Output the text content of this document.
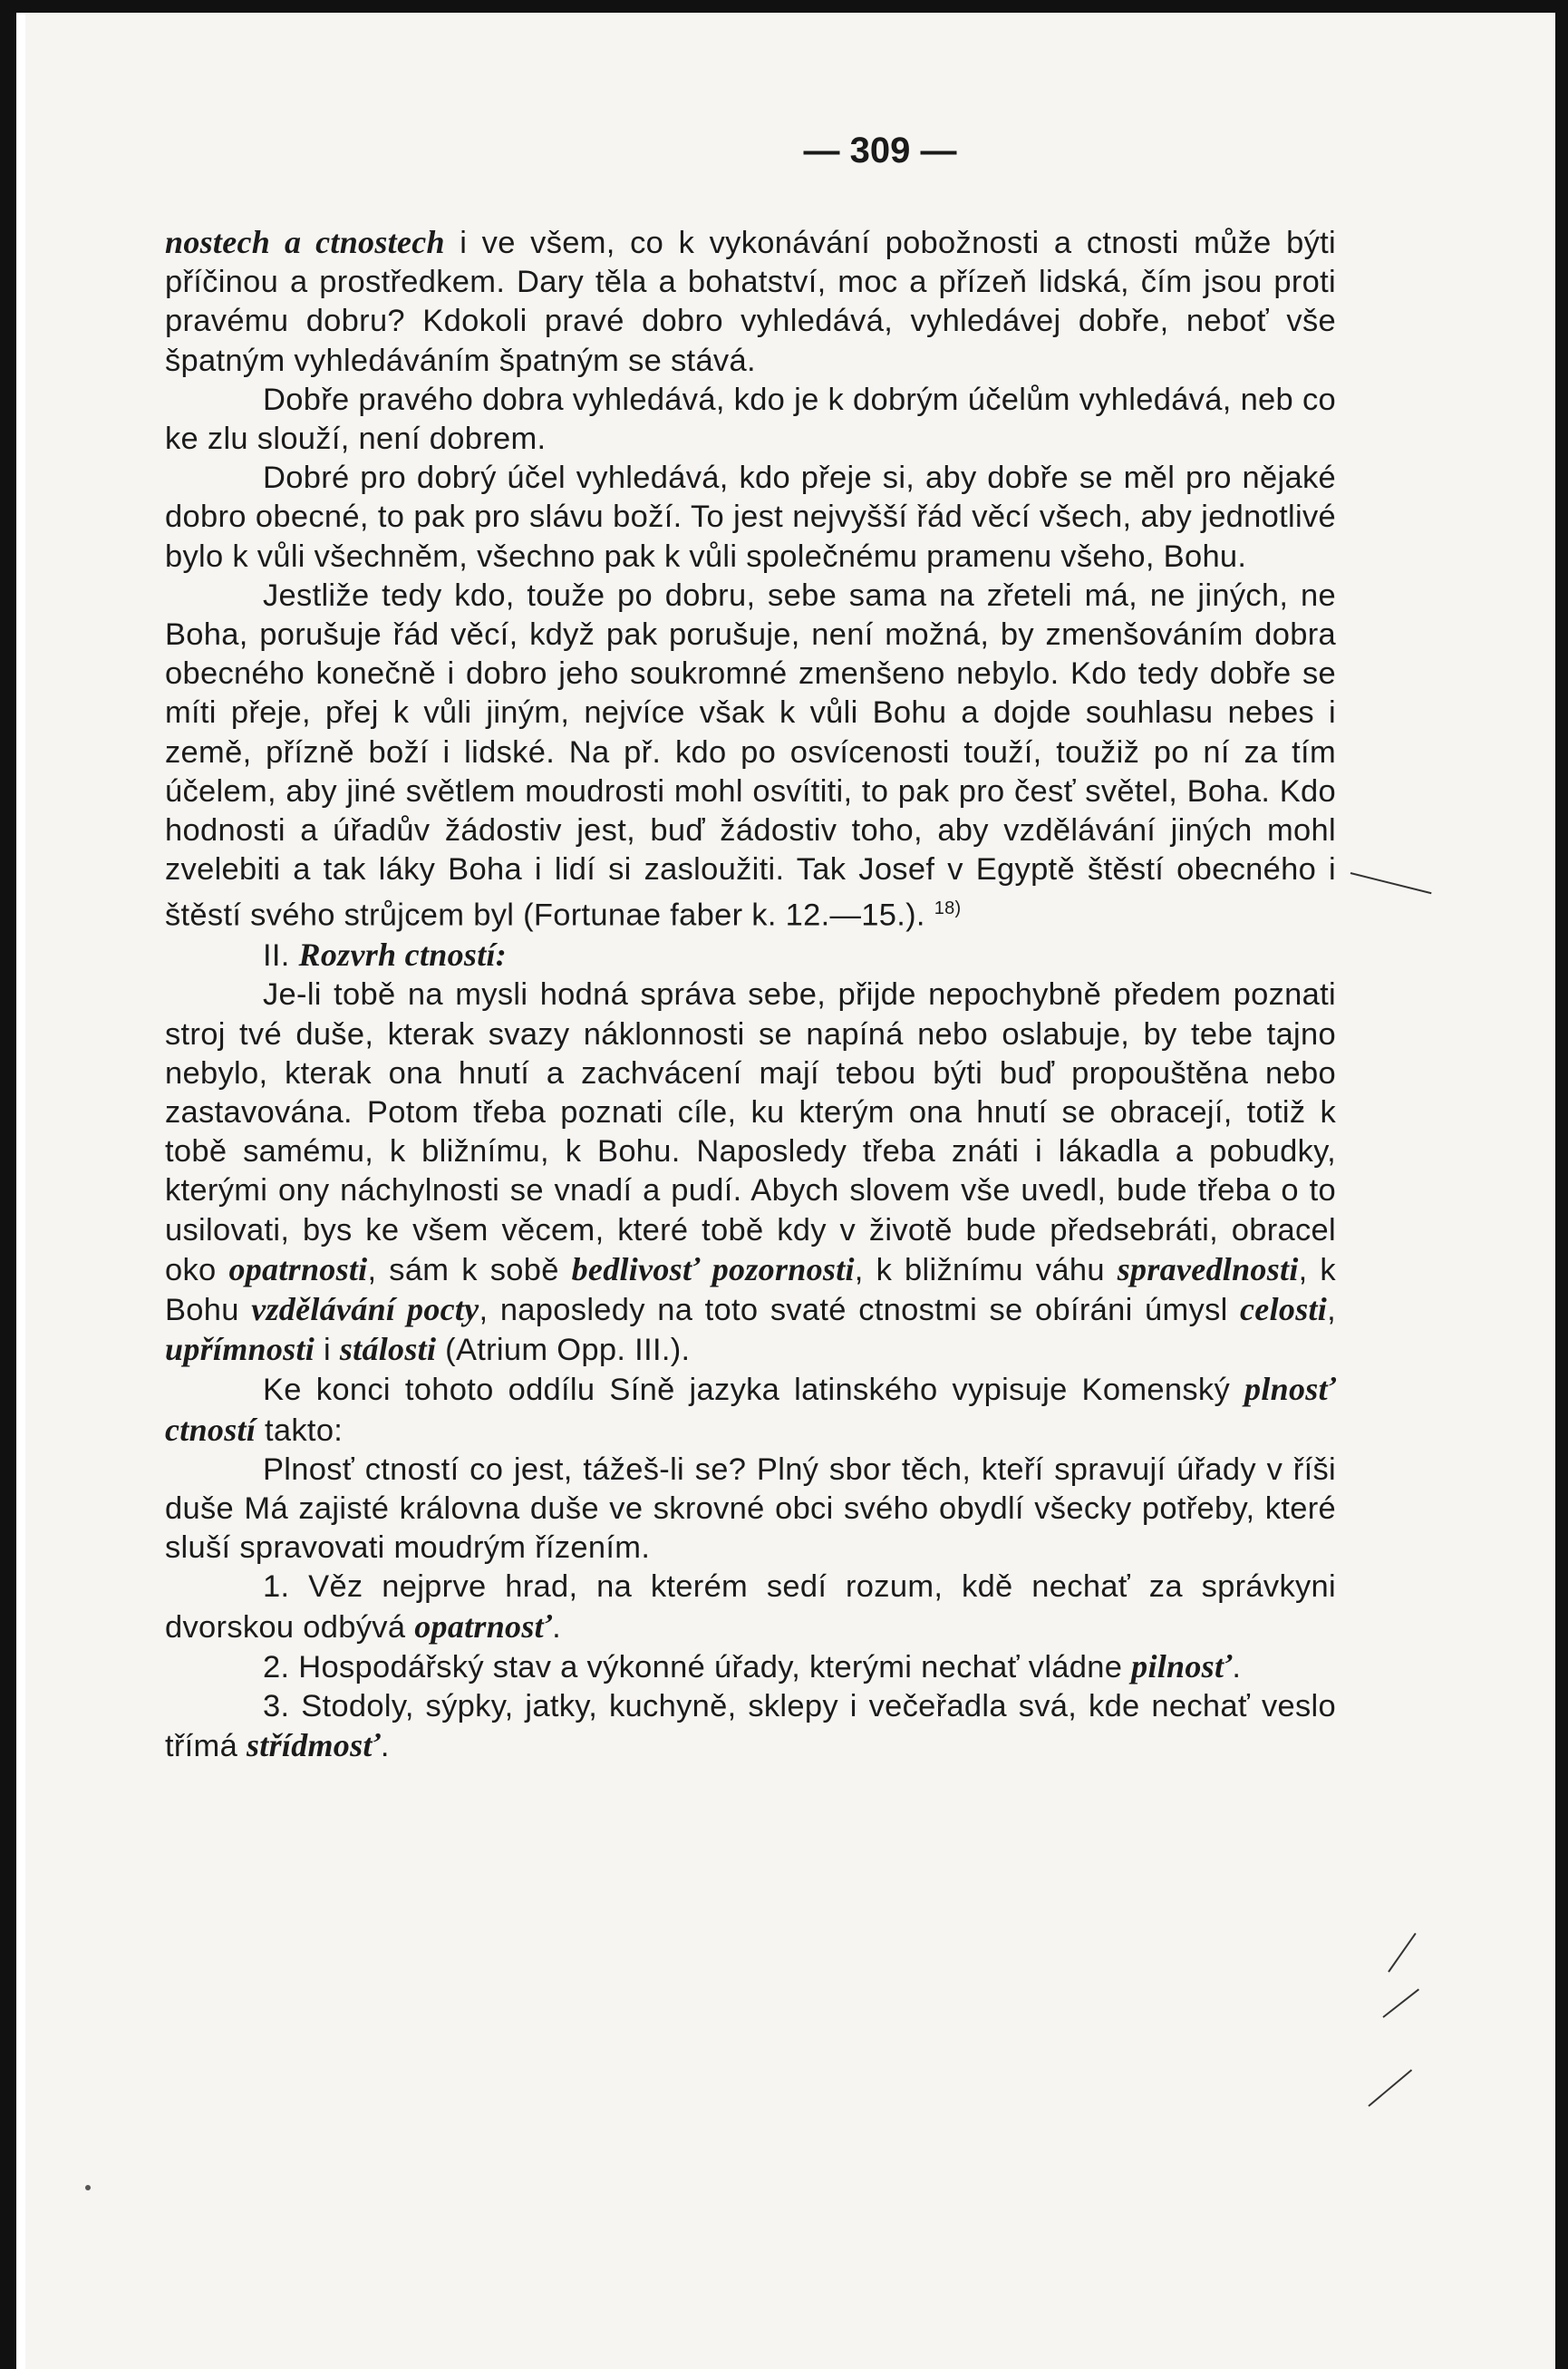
— 309 —

nostech a ctnostech i ve všem, co k vykonávání pobožnosti a ctnosti může býti příčinou a prostředkem. Dary těla a bohatství, moc a přízeň lidská, čím jsou proti pravému dobru? Kdokoli pravé dobro vyhledává, vyhledávej dobře, neboť vše špatným vyhledáváním špatným se stává.

Dobře pravého dobra vyhledává, kdo je k dobrým účelům vyhledává, neb co ke zlu slouží, není dobrem.

Dobré pro dobrý účel vyhledává, kdo přeje si, aby dobře se měl pro nějaké dobro obecné, to pak pro slávu boží. To jest nejvyšší řád věcí všech, aby jednotlivé bylo k vůli všechněm, všechno pak k vůli společnému pramenu všeho, Bohu.

Jestliže tedy kdo, touže po dobru, sebe sama na zřeteli má, ne jiných, ne Boha, porušuje řád věcí, když pak porušuje, není možná, by zmenšováním dobra obecného konečně i dobro jeho soukromné zmenšeno nebylo. Kdo tedy dobře se míti přeje, přej k vůli jiným, nejvíce však k vůli Bohu a dojde souhlasu nebes i země, přízně boží i lidské. Na př. kdo po osvícenosti touží, toužiž po ní za tím účelem, aby jiné světlem moudrosti mohl osvítiti, to pak pro česť světel, Boha. Kdo hodnosti a úřadův žádostiv jest, buď žádostiv toho, aby vzdělávání jiných mohl zvelebiti a tak láky Boha i lidí si zasloužiti. Tak Josef v Egyptě štěstí obecného i štěstí svého strůjcem byl (Fortunae faber k. 12.—15.). $^{18)}$

II. Rozvrh ctností:

Je-li tobě na mysli hodná správa sebe, přijde nepochybně předem poznati stroj tvé duše, kterak svazy náklonnosti se napíná nebo oslabuje, by tebe tajno nebylo, kterak ona hnutí a zachvácení mají tebou býti buď propouštěna nebo zastavována. Potom třeba poznati cíle, ku kterým ona hnutí se obracejí, totiž k tobě samému, k bližnímu, k Bohu. Naposledy třeba znáti i lákadla a pobudky, kterými ony náchylnosti se vnadí a pudí. Abych slovem vše uvedl, bude třeba o to usilovati, bys ke všem věcem, které tobě kdy v životě bude předsebráti, obracel oko opatrnosti, sám k sobě bedlivosť pozornosti, k bližnímu váhu spravedlnosti, k Bohu vzdělávání pocty, naposledy na toto svaté ctnostmi se obíráni úmysl celosti, upřímnosti i stálosti (Atrium Opp. III.).

Ke konci tohoto oddílu Síně jazyka latinského vypisuje Komenský plnosť ctností takto:

Plnosť ctností co jest, tážeš-li se? Plný sbor těch, kteří spravují úřady v říši duše Má zajisté královna duše ve skrovné obci svého obydlí všecky potřeby, které sluší spravovati moudrým řízením.

1. Věz nejprve hrad, na kterém sedí rozum, kdě nechať za správkyni dvorskou odbývá opatrnosť.

2. Hospodářský stav a výkonné úřady, kterými nechať vládne pilnosť.

3. Stodoly, sýpky, jatky, kuchyně, sklepy i večeřadla svá, kde nechať veslo třímá střídmosť.
